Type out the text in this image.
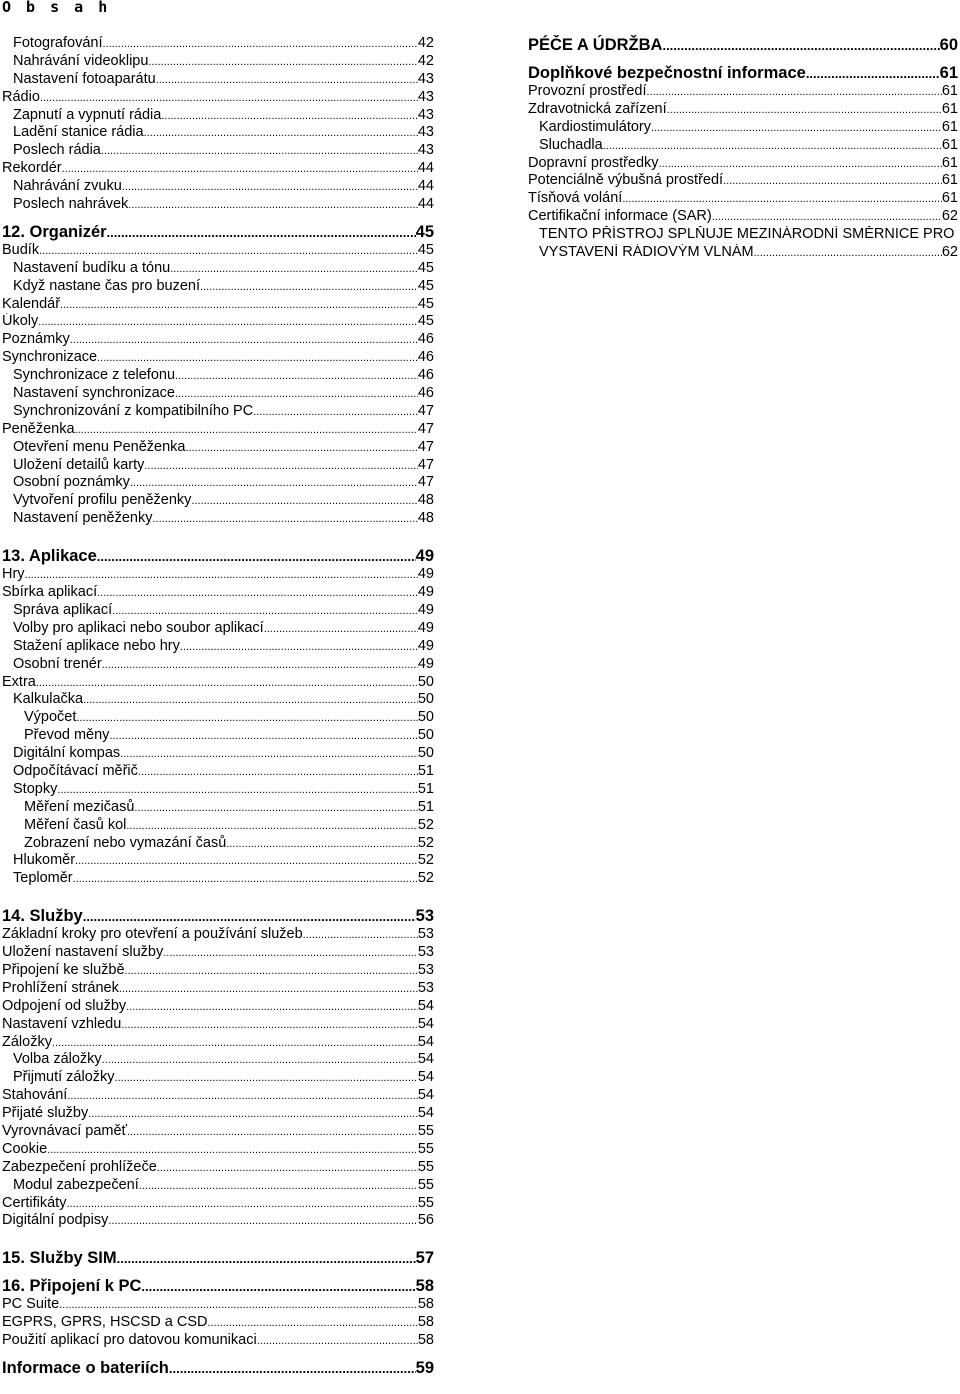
O b s a h
Fotografování .....	42
Nahrávání videoklipu .....	42
Nastavení fotoaparátu .....	43
Rádio .....	43
Zapnutí a vypnutí rádia .....	43
Ladění stanice rádia .....	43
Poslech rádia .....	43
Rekordér .....	44
Nahrávání zvuku .....	44
Poslech nahrávek .....	44
12. Organizér .....	45
Budík .....	45
Nastavení budíku a tónu .....	45
Když nastane čas pro buzení .....	45
Kalendář .....	45
Úkoly .....	45
Poznámky .....	46
Synchronizace .....	46
Synchronizace z telefonu .....	46
Nastavení synchronizace .....	46
Synchronizování z kompatibilního PC .....	47
Peněženka .....	47
Otevření menu Peněženka .....	47
Uložení detailů karty .....	47
Osobní poznámky .....	47
Vytvoření profilu peněženky .....	48
Nastavení peněženky .....	48
13. Aplikace .....	49
Hry .....	49
Sbírka aplikací .....	49
Správa aplikací .....	49
Volby pro aplikaci nebo soubor aplikací .....	49
Stažení aplikace nebo hry .....	49
Osobní trenér .....	49
Extra .....	50
Kalkulačka .....	50
Výpočet .....	50
Převod měny .....	50
Digitální kompas .....	50
Odpočítávací měřič .....	51
Stopky .....	51
Měření mezičasů .....	51
Měření časů kol .....	52
Zobrazení nebo vymazání časů .....	52
Hlukoměr .....	52
Teploměr .....	52
14. Služby .....	53
Základní kroky pro otevření a používání služeb .....	53
Uložení nastavení služby .....	53
Připojení ke službě .....	53
Prohlížení stránek .....	53
Odpojení od služby .....	54
Nastavení vzhledu .....	54
Záložky .....	54
Volba záložky .....	54
Přijmutí záložky .....	54
Stahování .....	54
Přijaté služby .....	54
Vyrovnávací paměť .....	55
Cookie .....	55
Zabezpečení prohlížeče .....	55
Modul zabezpečení .....	55
Certifikáty .....	55
Digitální podpisy .....	56
15. Služby SIM .....	57
16. Připojení k PC .....	58
PC Suite .....	58
EGPRS, GPRS, HSCSD a CSD .....	58
Použití aplikací pro datovou komunikaci .....	58
Informace o bateriích .....	59
PÉČE A ÚDRŽBA .....	60
Doplňkové bezpečnostní informace .....	61
Provozní prostředí .....	61
Zdravotnická zařízení .....	61
Kardiostimulátory .....	61
Sluchadla .....	61
Dopravní prostředky .....	61
Potenciálně výbušná prostředí .....	61
Tísňová volání .....	61
Certifikační informace (SAR) .....	62
TENTO PŘÍSTROJ SPLŇUJE MEZINÁRODNÍ SMĚRNICE PRO
VYSTAVENÍ RÁDIOVÝM VLNÁM .....	62
